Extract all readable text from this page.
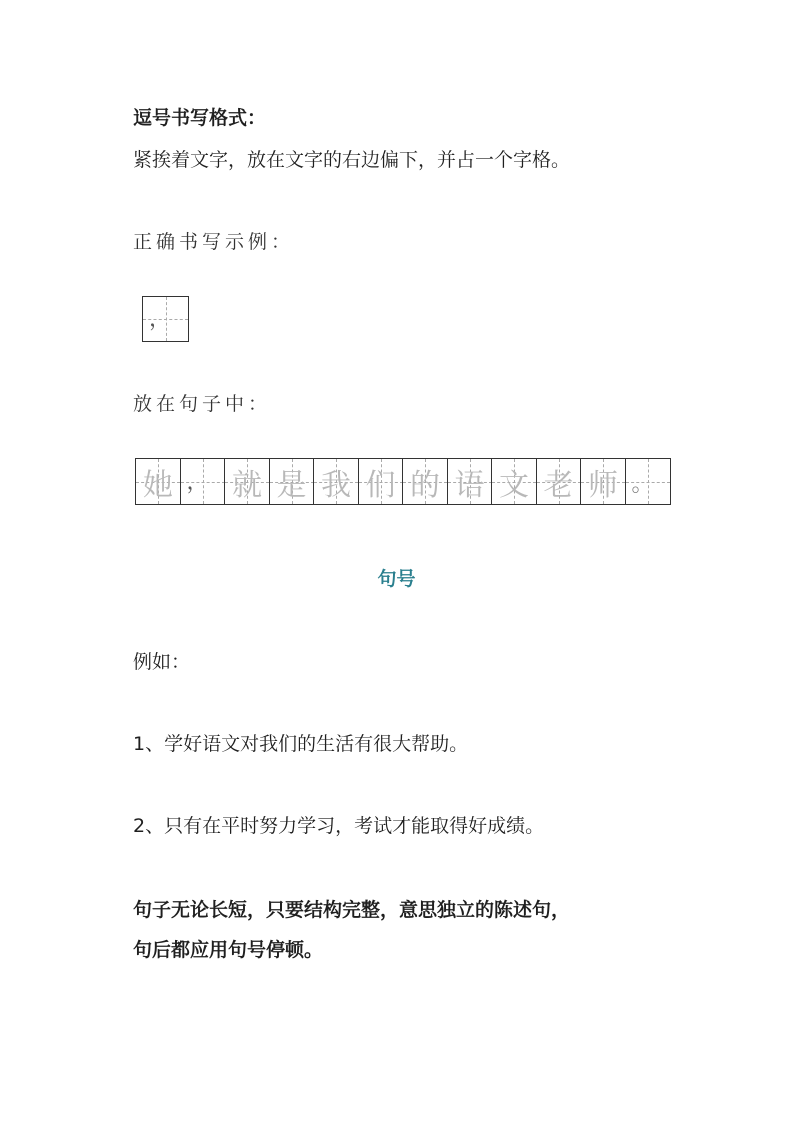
逗号书写格式：
紧挨着文字，放在文字的右边偏下，并占一个字格。
正确书写示例：
，
放在句子中：
她 ， 就 是 我 们 的 语 文 老 师 。
句号
例如：
1、学好语文对我们的生活有很大帮助。
2、只有在平时努力学习，考试才能取得好成绩。
句子无论长短，只要结构完整，意思独立的陈述句，
句后都应用句号停顿。
